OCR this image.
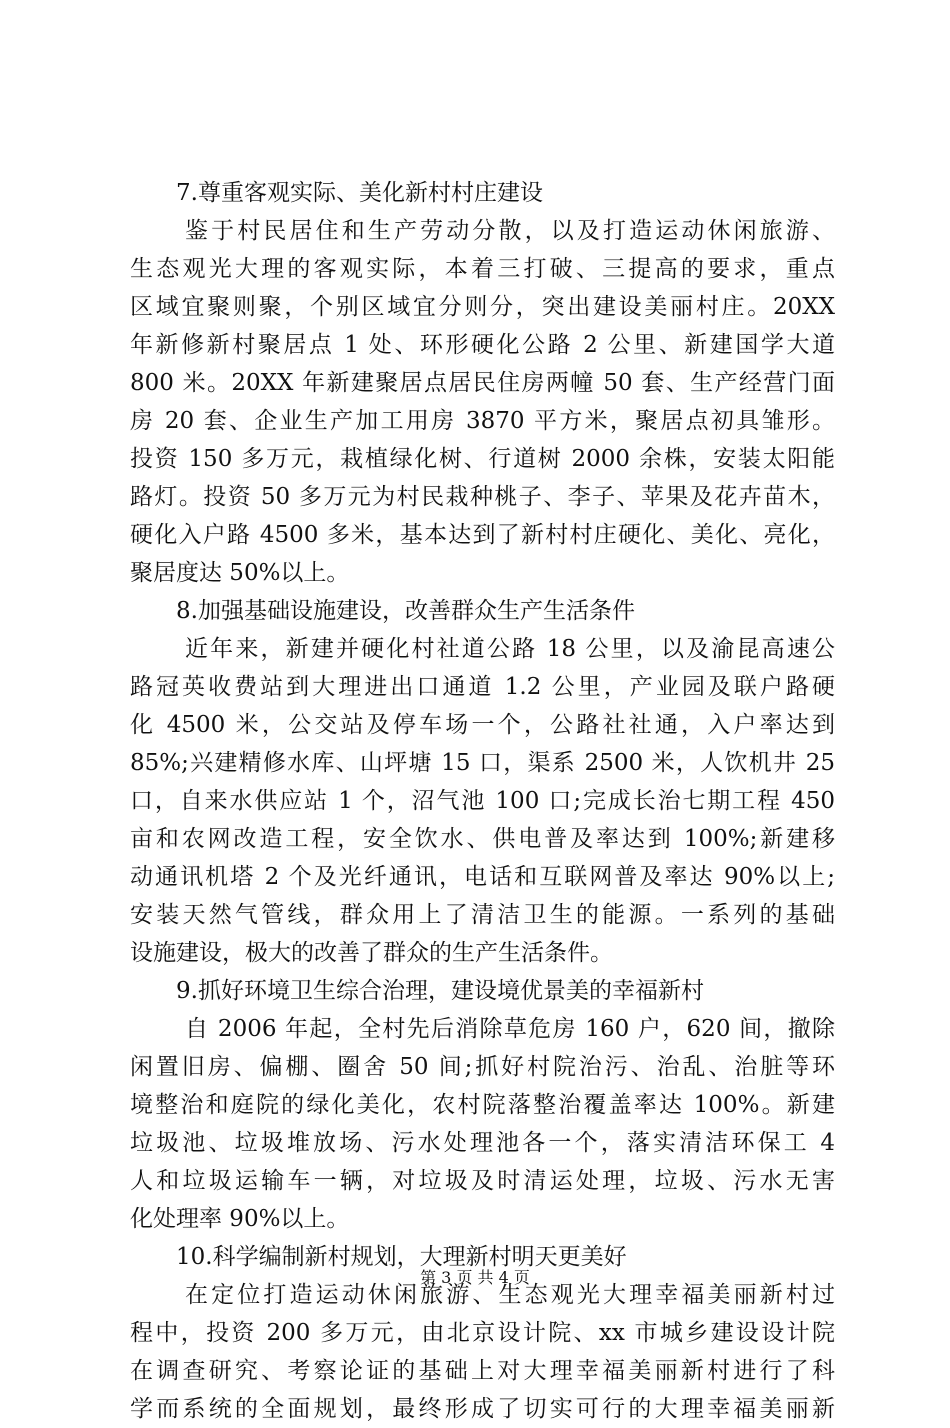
7.尊重客观实际、美化新村村庄建设
鉴于村民居住和生产劳动分散，以及打造运动休闲旅游、
生态观光大理的客观实际，本着三打破、三提高的要求，重点
区域宜聚则聚，个别区域宜分则分，突出建设美丽村庄。20XX
年新修新村聚居点 1 处、环形硬化公路 2 公里、新建国学大道
800 米。20XX 年新建聚居点居民住房两幢 50 套、生产经营门面
房 20 套、企业生产加工用房 3870 平方米，聚居点初具雏形。
投资 150 多万元，栽植绿化树、行道树 2000 余株，安装太阳能
路灯。投资 50 多万元为村民栽种桃子、李子、苹果及花卉苗木，
硬化入户路 4500 多米，基本达到了新村村庄硬化、美化、亮化，
聚居度达 50%以上。
8.加强基础设施建设，改善群众生产生活条件
近年来，新建并硬化村社道公路 18 公里，以及渝昆高速公
路冠英收费站到大理进出口通道 1.2 公里，产业园及联户路硬
化 4500 米，公交站及停车场一个，公路社社通，入户率达到
85%;兴建精修水库、山坪塘 15 口，渠系 2500 米，人饮机井 25
口，自来水供应站 1 个，沼气池 100 口;完成长治七期工程 450
亩和农网改造工程，安全饮水、供电普及率达到 100%;新建移
动通讯机塔 2 个及光纤通讯，电话和互联网普及率达 90%以上;
安装天然气管线，群众用上了清洁卫生的能源。一系列的基础
设施建设，极大的改善了群众的生产生活条件。
9.抓好环境卫生综合治理，建设境优景美的幸福新村
自 2006 年起，全村先后消除草危房 160 户，620 间，撤除
闲置旧房、偏棚、圈舍 50 间;抓好村院治污、治乱、治脏等环
境整治和庭院的绿化美化，农村院落整治覆盖率达 100%。新建
垃圾池、垃圾堆放场、污水处理池各一个，落实清洁环保工 4
人和垃圾运输车一辆，对垃圾及时清运处理，垃圾、污水无害
化处理率 90%以上。
10.科学编制新村规划，大理新村明天更美好
在定位打造运动休闲旅游、生态观光大理幸福美丽新村过
程中，投资 200 多万元，由北京设计院、xx 市城乡建设设计院
在调查研究、考察论证的基础上对大理幸福美丽新村进行了科
学而系统的全面规划，最终形成了切实可行的大理幸福美丽新
第 3 页 共 4 页
